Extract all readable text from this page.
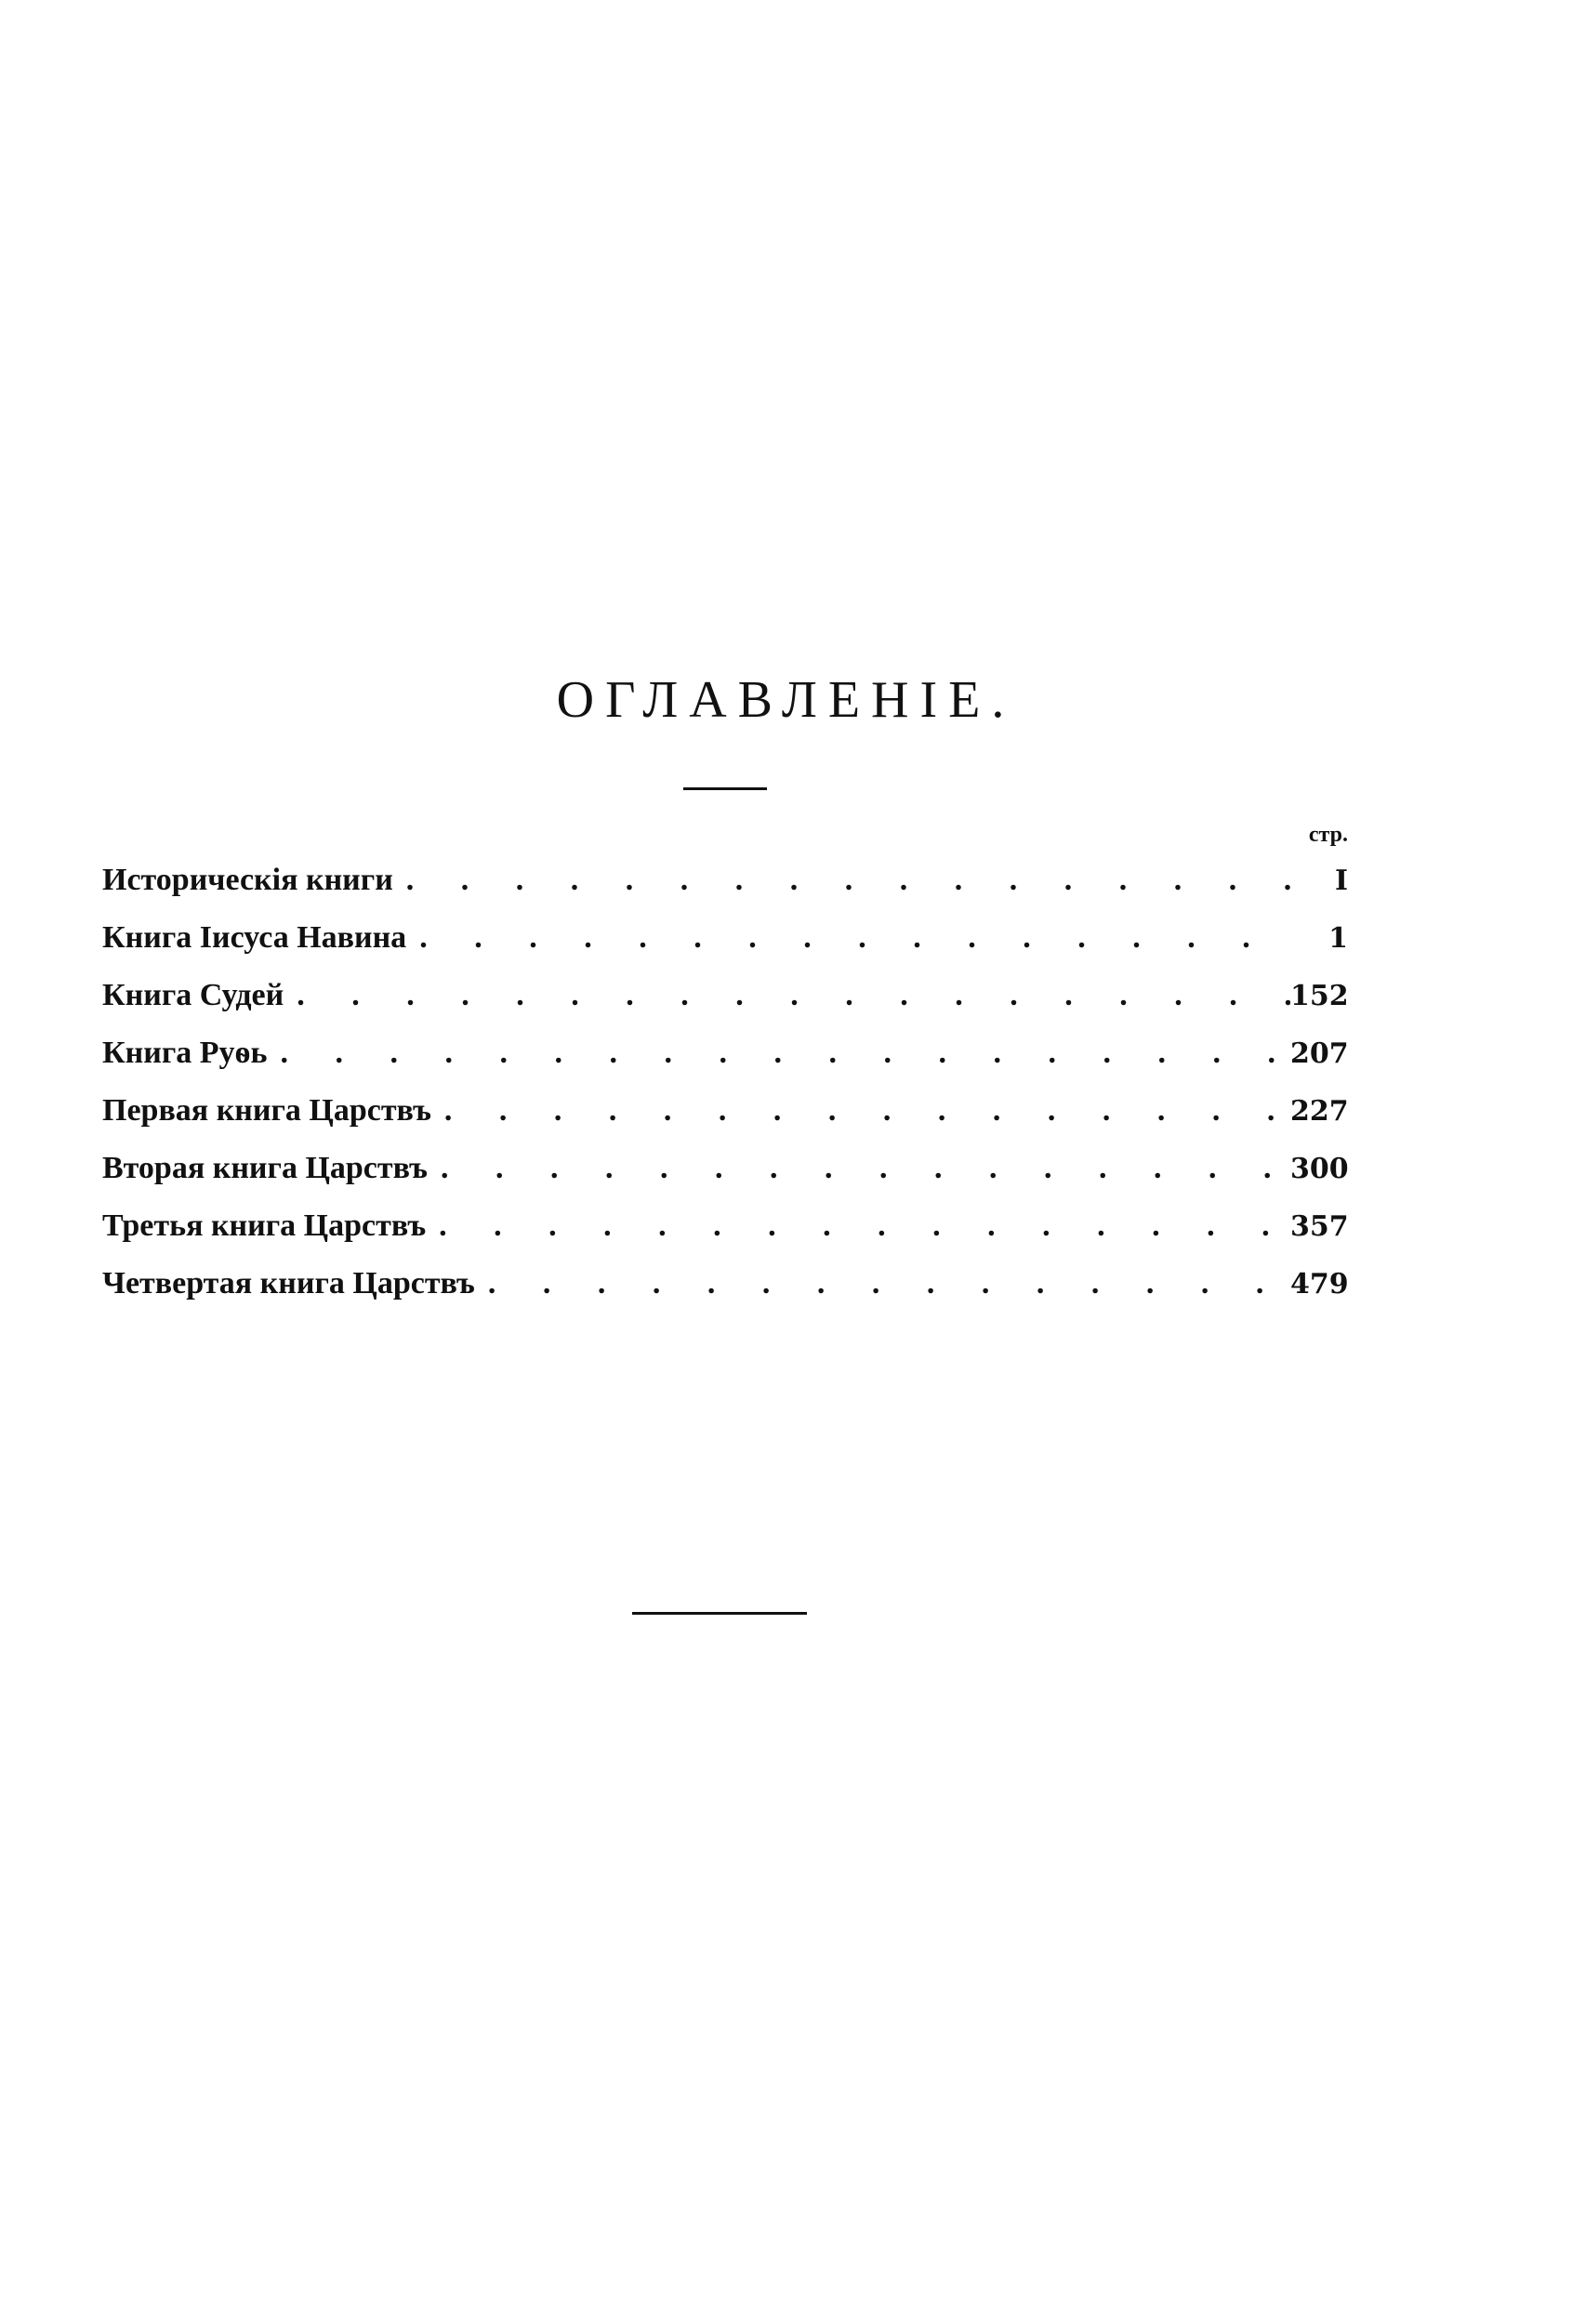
ОГЛАВЛЕНІЕ.
стр.
Историческія книги . . .	I
Книга Іисуса Навина . . .	1
Книга Судей . . .	152
Книга Руѳь . . .	207
Первая книга Царствъ . . .	227
Вторая книга Царствъ . . .	300
Третья книга Царствъ . . .	357
Четвертая книга Царствъ . . .	479
